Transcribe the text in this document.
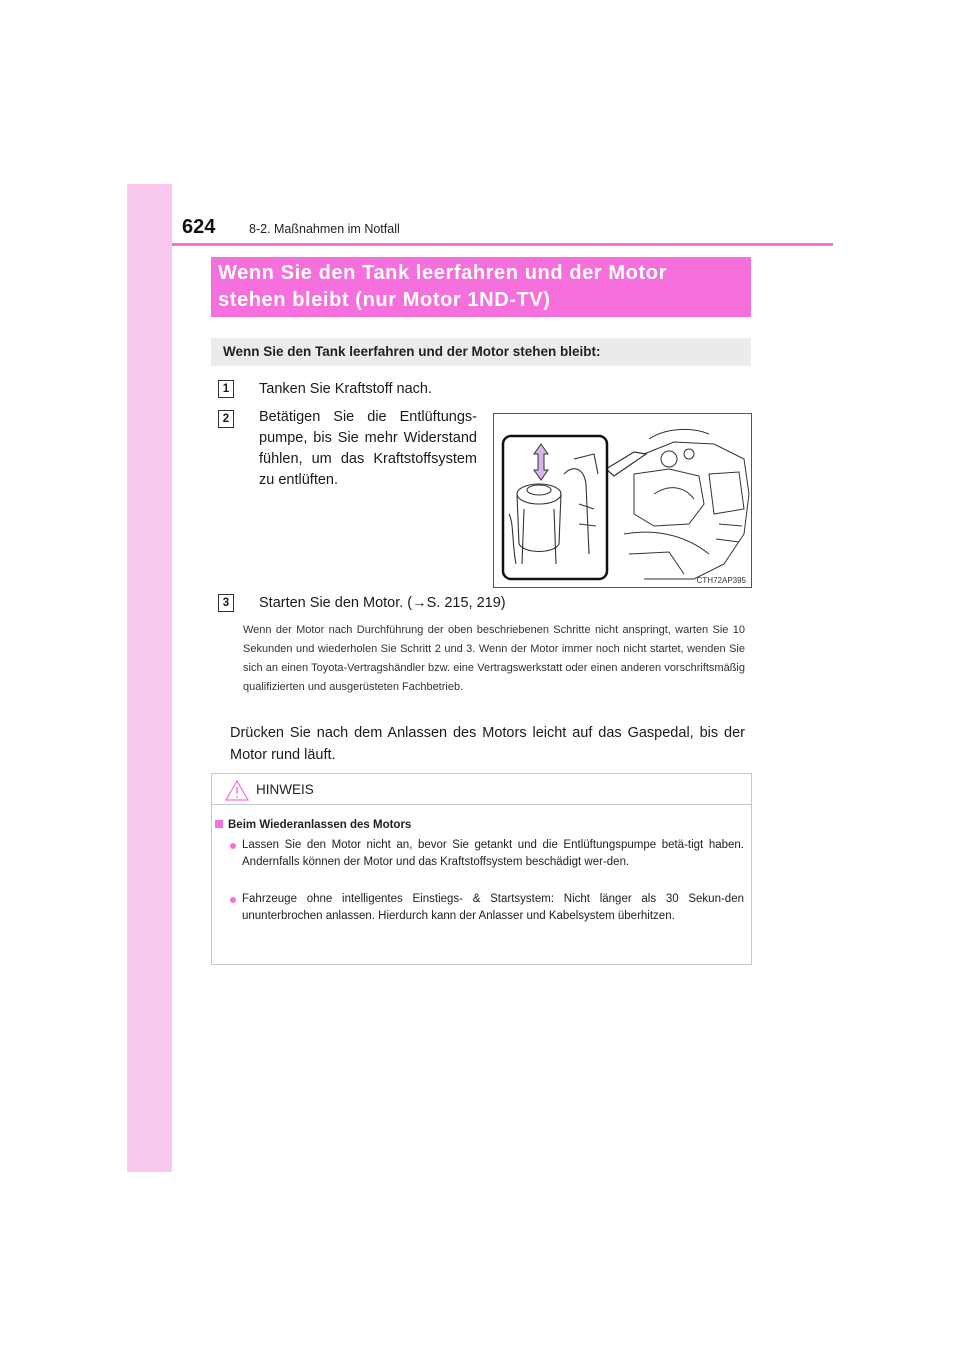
624	8-2. Maßnahmen im Notfall
Wenn Sie den Tank leerfahren und der Motor
stehen bleibt (nur Motor 1ND-TV)
Wenn Sie den Tank leerfahren und der Motor stehen bleibt:
1	Tanken Sie Kraftstoff nach.
2	Betätigen Sie die Entlüftungs-pumpe, bis Sie mehr Widerstand fühlen, um das Kraftstoffsystem zu entlüften.
CTH72AP395
3	Starten Sie den Motor. (→S. 215, 219)
Wenn der Motor nach Durchführung der oben beschriebenen Schritte nicht anspringt, warten Sie 10 Sekunden und wiederholen Sie Schritt 2 und 3. Wenn der Motor immer noch nicht startet, wenden Sie sich an einen Toyota-Vertragshändler bzw. eine Vertragswerkstatt oder einen anderen vorschriftsmäßig qualifizierten und ausgerüsteten Fachbetrieb.
Drücken Sie nach dem Anlassen des Motors leicht auf das Gaspedal, bis der Motor rund läuft.
HINWEIS
Beim Wiederanlassen des Motors
Lassen Sie den Motor nicht an, bevor Sie getankt und die Entlüftungspumpe betä-tigt haben. Andernfalls können der Motor und das Kraftstoffsystem beschädigt wer-den.
Fahrzeuge ohne intelligentes Einstiegs- & Startsystem: Nicht länger als 30 Sekun-den ununterbrochen anlassen. Hierdurch kann der Anlasser und Kabelsystem überhitzen.
